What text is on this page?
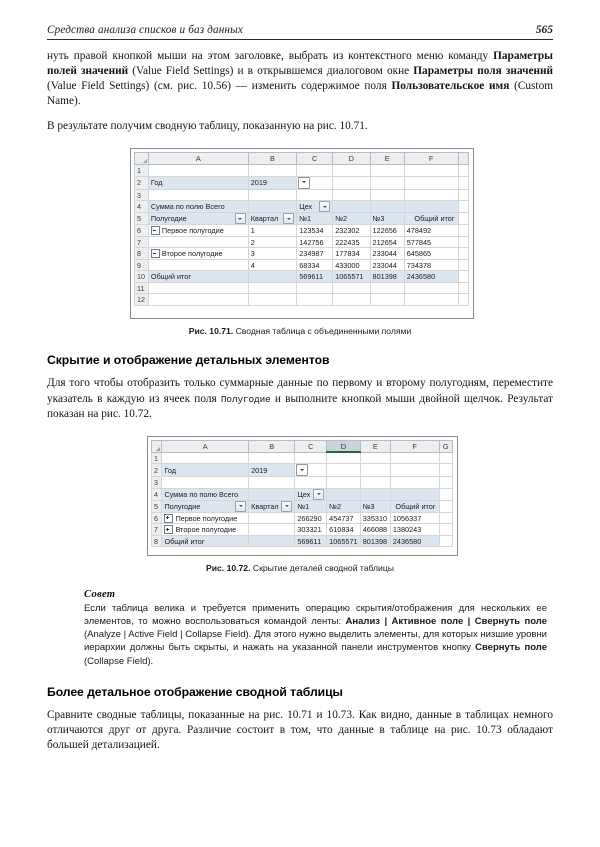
Средства анализа списков и баз данных	565

нуть правой кнопкой мыши на этом заголовке, выбрать из контекстного меню команду Параметры полей значений (Value Field Settings) и в открывшемся диалоговом окне Параметры поля значений (Value Field Settings) (см. рис. 10.56) — изменить содержимое поля Пользовательское имя (Custom Name).

В результате получим сводную таблицу, показанную на рис. 10.71.

	A	B	C	D	E	F	
1							
2	Год	2019					
3							
4	Сумма по полю Всего		Цех				

5	Полугодие	Квартал	№1	№2	№3	Общий итог	
6	Первое полугодие	1	123534	232302	122656	478492	
7		2	142756	222435	212654	577845	
8	Второе полугодие	3	234987	177834	233044	645865	
9		4	68334	433000	233044	734378	
10	Общий итог		569611	1065571	801398	2436580	
11							
12							
Рис. 10.71. Сводная таблица с объединенными полями
Скрытие и отображение детальных элементов

Для того чтобы отобразить только суммарные данные по первому и второму полугодиям, переместите указатель в каждую из ячеек поля Полугодие и выполните кнопкой мыши двойной щелчок. Результат показан на рис. 10.72.

	A	B	C	D	E	F	G
1							
2	Год	2019					
3							
4	Сумма по полю Всего		Цех				

5	Полугодие	Квартал	№1	№2	№3	Общий итог	
6	Первое полугодие		266290	454737	335310	1056337	
7	Второе полугодие		303321	610834	466088	1380243	
8	Общий итог		569611	1065571	801398	2436580	
Рис. 10.72. Скрытие деталей сводной таблицы
Совет

Если таблица велика и требуется применить операцию скрытия/отображения для нескольких ее элементов, то можно воспользоваться командой ленты: Анализ | Активное поле | Свернуть поле (Analyze | Active Field | Collapse Field). Для этого нужно выделить элементы, для которых низшие уровни иерархии должны быть скрыты, и нажать на указанной панели инструментов кнопку Свернуть поле (Collapse Field).

Более детальное отображение сводной таблицы

Сравните сводные таблицы, показанные на рис. 10.71 и 10.73. Как видно, данные в таблицах немного отличаются друг от друга. Различие состоит в том, что данные в таблице на рис. 10.73 обладают большей детализацией.
